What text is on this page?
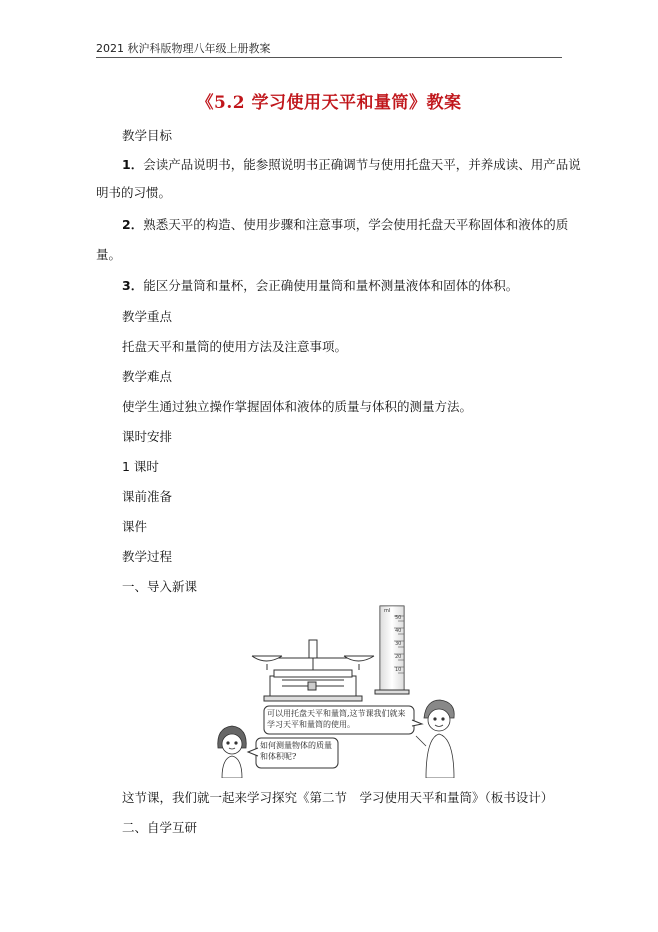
2021 秋沪科版物理八年级上册教案
《5.2 学习使用天平和量筒》教案
教学目标
1．会读产品说明书，能参照说明书正确调节与使用托盘天平，并养成读、用产品说
明书的习惯。
2．熟悉天平的构造、使用步骤和注意事项，学会使用托盘天平称固体和液体的质
量。
3．能区分量筒和量杯，会正确使用量筒和量杯测量液体和固体的体积。
教学重点
托盘天平和量筒的使用方法及注意事项。
教学难点
使学生通过独立操作掌握固体和液体的质量与体积的测量方法。
课时安排
1 课时
课前准备
课件
教学过程
一、导入新课
ml
50
40
30
20
10
可以用托盘天平和量筒,这节课我们就来学习天平和量筒的使用。
如何测量物体的质量和体积呢?
这节课，我们就一起来学习探究《第二节　学习使用天平和量筒》（板书设计）
二、自学互研
